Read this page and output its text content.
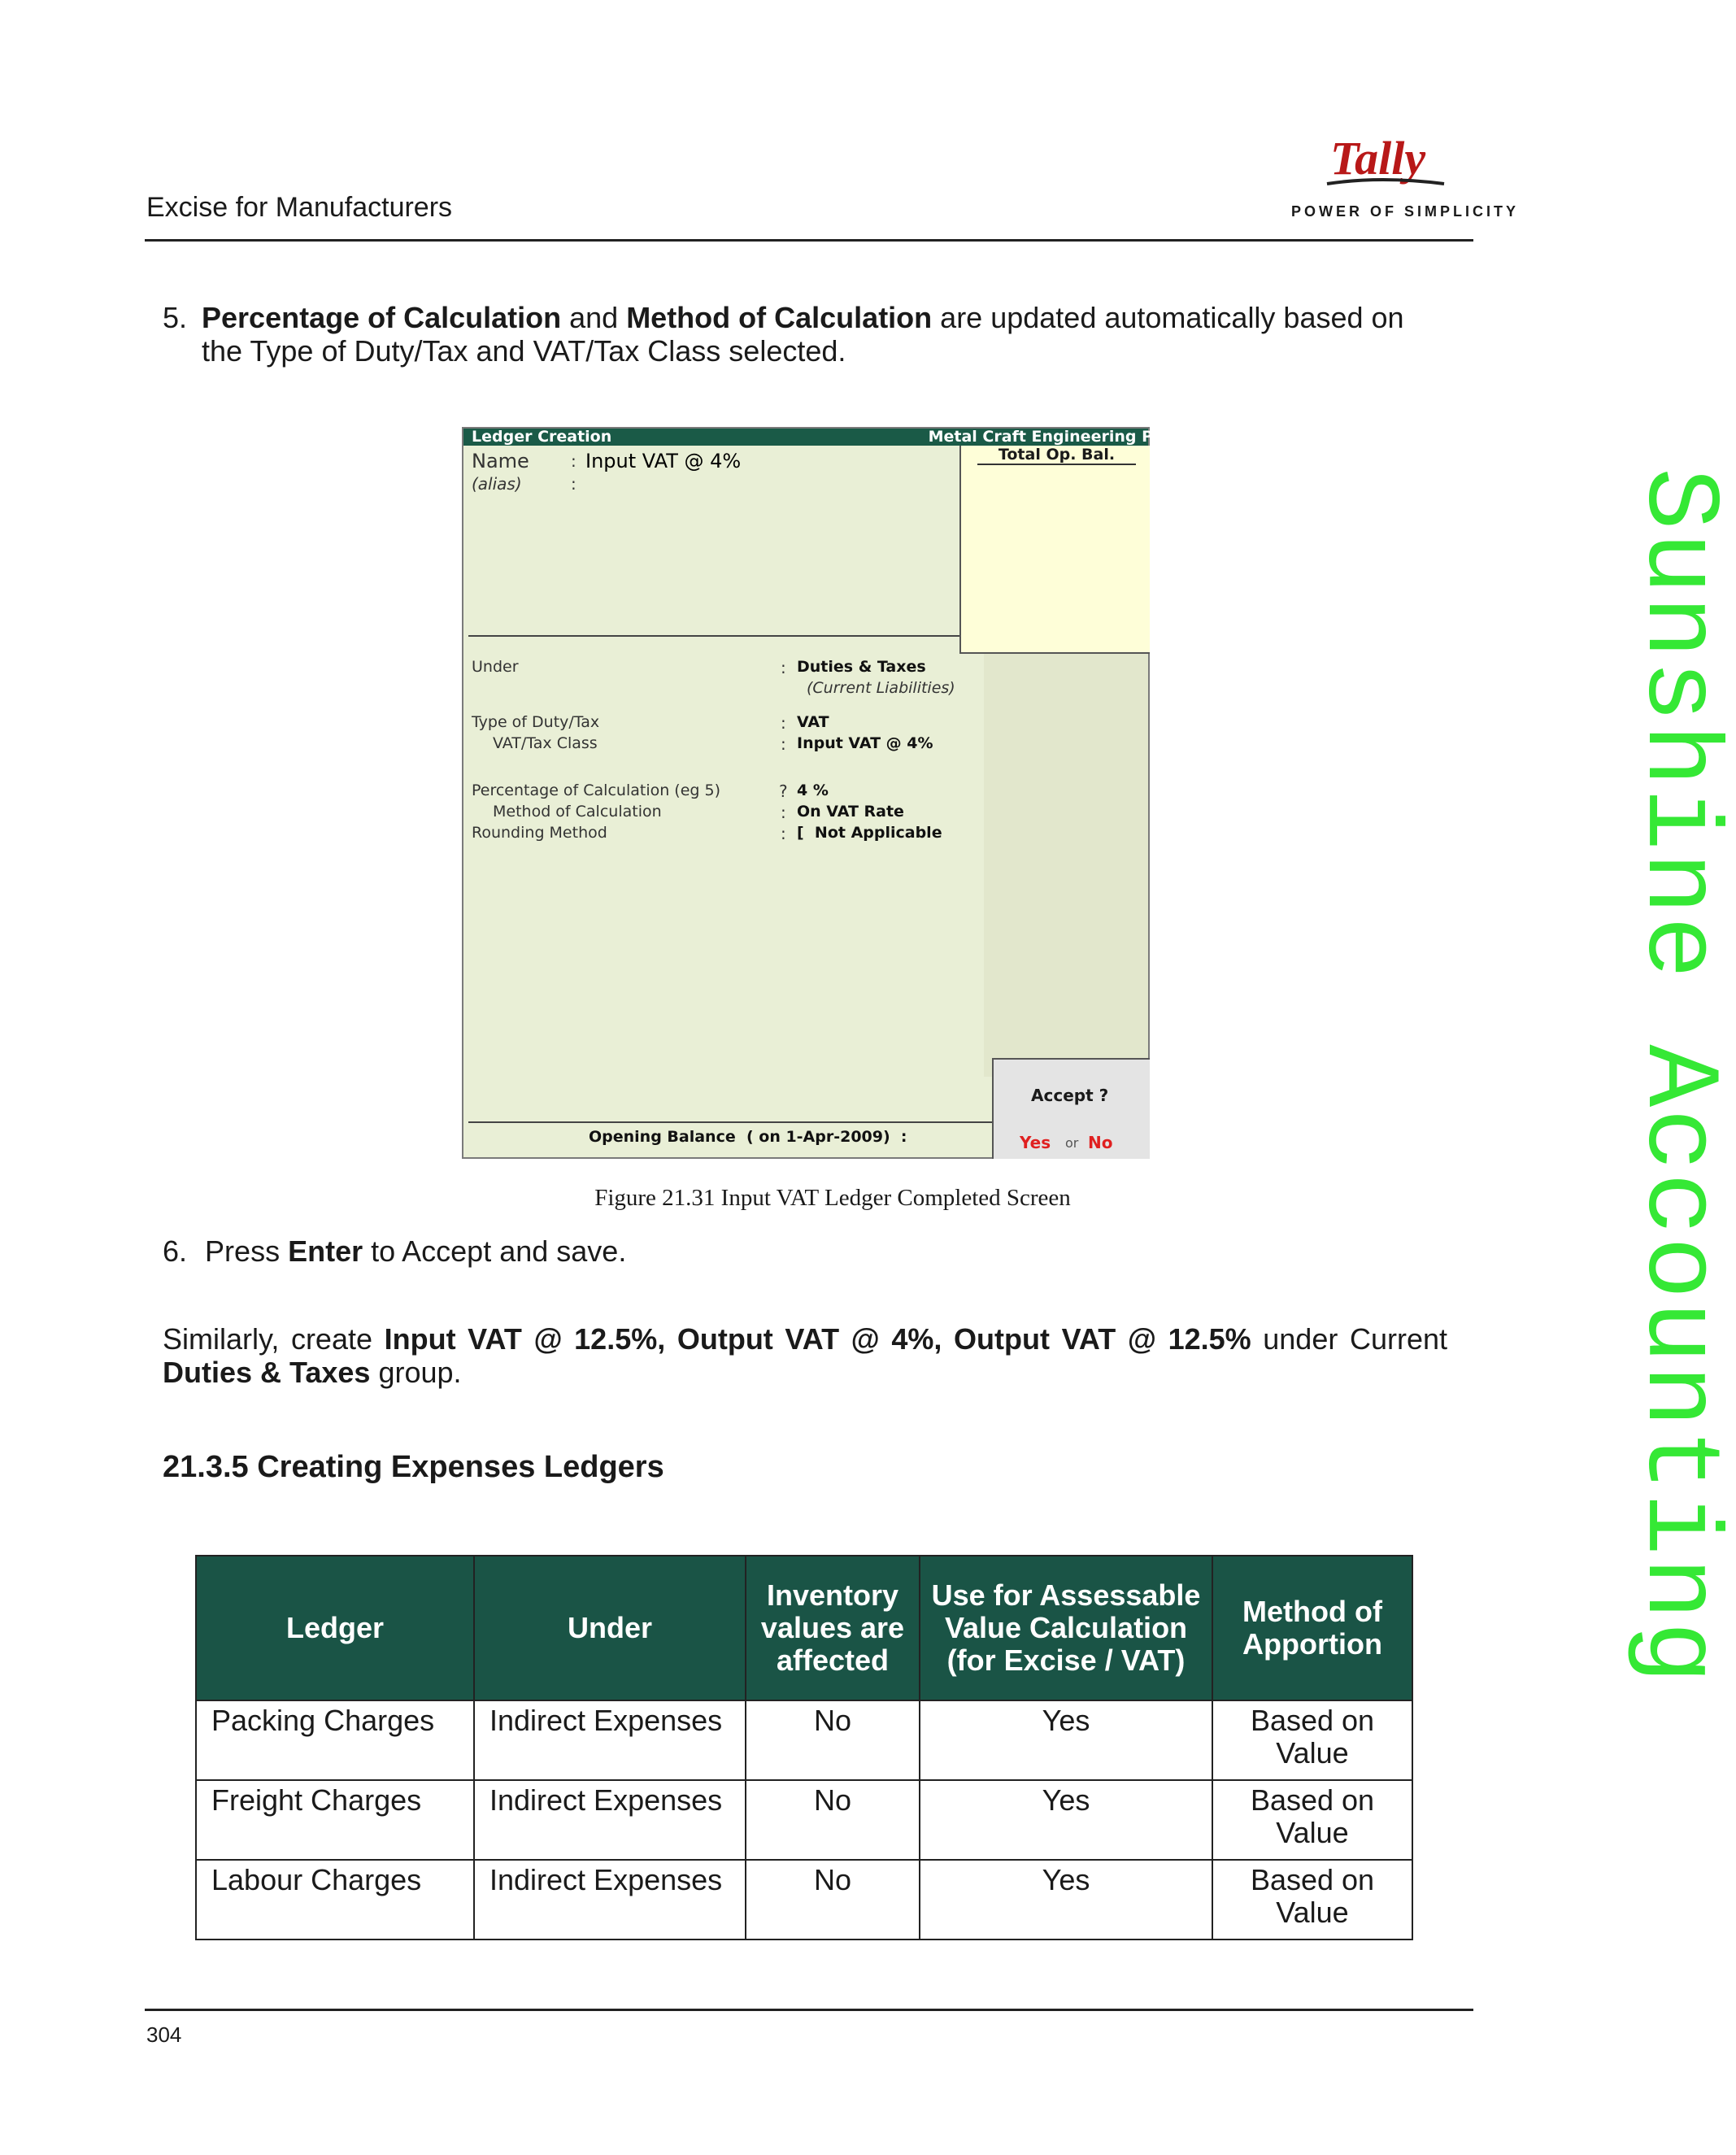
Excise for Manufacturers
Tally
POWER OF SIMPLICITY
Sunshine Accounting
5. Percentage of Calculation and Method of Calculation are updated automatically based on the Type of Duty/Tax and VAT/Tax Class selected.
Ledger Creation	Metal Craft Engineering P
Name	: Input VAT @ 4%
(alias)	:
Total Op. Bal.
Under	: Duties & Taxes
(Current Liabilities)
Type of Duty/Tax	: VAT
VAT/Tax Class	: Input VAT @ 4%
Percentage of Calculation (eg 5)	? 4 %
Method of Calculation	: On VAT Rate
Rounding Method	: [  Not Applicable
Opening Balance  ( on 1-Apr-2009)  :
Accept ?
Yes or No
Figure 21.31 Input VAT Ledger Completed Screen
6. Press Enter to Accept and save.
Similarly, create Input VAT @ 12.5%, Output VAT @ 4%, Output VAT @ 12.5% under Current
Duties & Taxes group.
21.3.5 Creating Expenses Ledgers
Ledger	Under	Inventory values are affected	Use for Assessable Value Calculation (for Excise / VAT)	Method of Apportion
Packing Charges	Indirect Expenses	No	Yes	Based on Value
Freight Charges	Indirect Expenses	No	Yes	Based on Value
Labour Charges	Indirect Expenses	No	Yes	Based on Value
304
